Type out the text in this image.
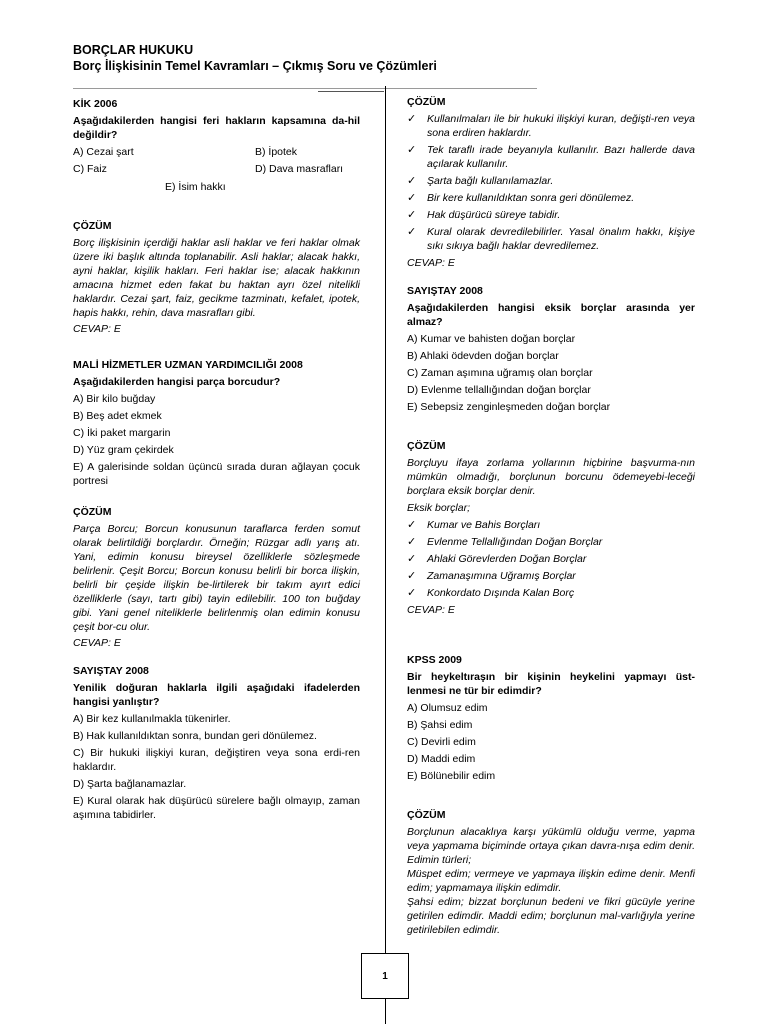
BORÇLAR HUKUKU
Borç İlişkisinin Temel Kavramları – Çıkmış Soru ve Çözümleri
KİK 2006
Aşağıdakilerden hangisi feri hakların kapsamına da-hil değildir?
A) Cezai şart	B) İpotek
C) Faiz	D) Dava masrafları
E) İsim hakkı
ÇÖZÜM
Borç ilişkisinin içerdiği haklar asli haklar ve feri haklar olmak üzere iki başlık altında toplanabilir. Asli haklar; alacak hakkı, ayni haklar, kişilik hakları. Feri haklar ise; alacak hakkının amacına hizmet eden fakat bu haktan ayrı özel nitelikli haklardır. Cezai şart, faiz, gecikme tazminatı, kefalet, ipotek, hapis hakkı, rehin, dava masrafları gibi.
CEVAP: E
MALİ HİZMETLER UZMAN YARDIMCILIĞI 2008
Aşağıdakilerden hangisi parça borcudur?
A) Bir kilo buğday
B) Beş adet ekmek
C) İki paket margarin
D) Yüz gram çekirdek
E) A galerisinde soldan üçüncü sırada duran ağlayan çocuk portresi
ÇÖZÜM
Parça Borcu; Borcun konusunun taraflarca ferden somut olarak belirtildiği borçlardır. Örneğin; Rüzgar adlı yarış atı. Yani, edimin konusu bireysel özelliklerle sözleşmede belirlenir. Çeşit Borcu; Borcun konusu belirli bir borca ilişkin, belirli bir çeşide ilişkin be-lirtilerek bir takım ayırt edici özelliklerle (sayı, tartı gibi) tayin edilebilir. 100 ton buğday gibi. Yani genel niteliklerle belirlenmiş olan edimin konusu çeşit bor-cu olur.
CEVAP: E
SAYIŞTAY 2008
Yenilik doğuran haklarla ilgili aşağıdaki ifadelerden hangisi yanlıştır?
A) Bir kez kullanılmakla tükenirler.
B) Hak kullanıldıktan sonra, bundan geri dönülemez.
C) Bir hukuki ilişkiyi kuran, değiştiren veya sona erdi-ren haklardır.
D) Şarta bağlanamazlar.
E) Kural olarak hak düşürücü sürelere bağlı olmayıp, zaman aşımına tabidirler.
ÇÖZÜM
✓ Kullanılmaları ile bir hukuki ilişkiyi kuran, değişti-ren veya sona erdiren haklardır.
✓ Tek taraflı irade beyanıyla kullanılır. Bazı hallerde dava açılarak kullanılır.
✓ Şarta bağlı kullanılamazlar.
✓ Bir kere kullanıldıktan sonra geri dönülemez.
✓ Hak düşürücü süreye tabidir.
✓ Kural olarak devredilebilirler. Yasal önalım hakkı, kişiye sıkı sıkıya bağlı haklar devredilemez.
CEVAP: E
SAYIŞTAY 2008
Aşağıdakilerden hangisi eksik borçlar arasında yer almaz?
A) Kumar ve bahisten doğan borçlar
B) Ahlaki ödevden doğan borçlar
C) Zaman aşımına uğramış olan borçlar
D) Evlenme tellallığından doğan borçlar
E) Sebepsiz zenginleşmeden doğan borçlar
ÇÖZÜM
Borçluyu ifaya zorlama yollarının hiçbirine başvurma-nın mümkün olmadığı, borçlunun borcunu ödemeyebi-leceği borçlara eksik borçlar denir.
Eksik borçlar;
✓ Kumar ve Bahis Borçları
✓ Evlenme Tellallığından Doğan Borçlar
✓ Ahlaki Görevlerden Doğan Borçlar
✓ Zamanaşımına Uğramış Borçlar
✓ Konkordato Dışında Kalan Borç
CEVAP: E
KPSS 2009
Bir heykeltıraşın bir kişinin heykelini yapmayı üst-lenmesi ne tür bir edimdir?
A) Olumsuz edim
B) Şahsi edim
C) Devirli edim
D) Maddi edim
E) Bölünebilir edim
ÇÖZÜM
Borçlunun alacaklıya karşı yükümlü olduğu verme, yapma veya yapmama biçiminde ortaya çıkan davra-nışa edim denir. Edimin türleri;
Müspet edim; vermeye ve yapmaya ilişkin edime denir. Menfi edim; yapmamaya ilişkin edimdir.
Şahsi edim; bizzat borçlunun bedeni ve fikri gücüyle yerine getirilen edimdir. Maddi edim; borçlunun mal-varlığıyla yerine getirilebilen edimdir.
1
